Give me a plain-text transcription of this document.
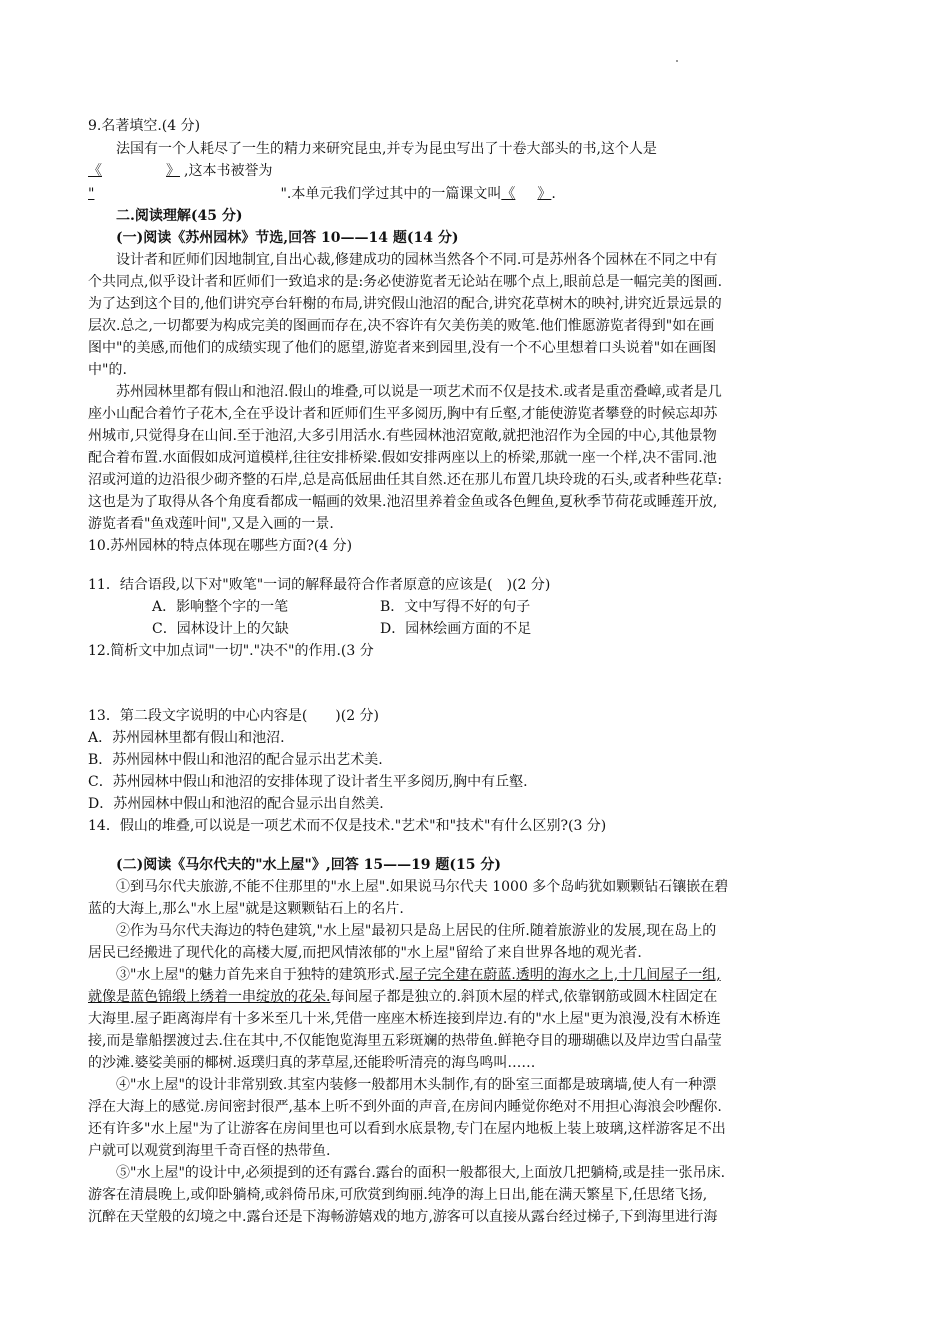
9.名著填空.(4 分)
法国有一个人耗尽了一生的精力来研究昆虫,并专为昆虫写出了十卷大部头的书,这个人是
《	》 ,这本书被誉为
"	".本单元我们学过其中的一篇课文叫《 》.
二.阅读理解(45 分)
(一)阅读《苏州园林》节选,回答 10——14 题(14 分)
设计者和匠师们因地制宜,自出心裁,修建成功的园林当然各个不同.可是苏州各个园林在不同之中有
个共同点,似乎设计者和匠师们一致追求的是:务必使游览者无论站在哪个点上,眼前总是一幅完美的图画.
为了达到这个目的,他们讲究亭台轩榭的布局,讲究假山池沼的配合,讲究花草树木的映衬,讲究近景远景的
层次.总之,一切都要为构成完美的图画而存在,决不容许有欠美伤美的败笔.他们惟愿游览者得到"如在画
图中"的美感,而他们的成绩实现了他们的愿望,游览者来到园里,没有一个不心里想着口头说着"如在画图
中"的.
苏州园林里都有假山和池沼.假山的堆叠,可以说是一项艺术而不仅是技术.或者是重峦叠嶂,或者是几
座小山配合着竹子花木,全在乎设计者和匠师们生平多阅历,胸中有丘壑,才能使游览者攀登的时候忘却苏
州城市,只觉得身在山间.至于池沼,大多引用活水.有些园林池沼宽敞,就把池沼作为全园的中心,其他景物
配合着布置.水面假如成河道模样,往往安排桥梁.假如安排两座以上的桥梁,那就一座一个样,决不雷同.池
沼或河道的边沿很少砌齐整的石岸,总是高低屈曲任其自然.还在那儿布置几块玲珑的石头,或者种些花草:
这也是为了取得从各个角度看都成一幅画的效果.池沼里养着金鱼或各色鲤鱼,夏秋季节荷花或睡莲开放,
游览者看"鱼戏莲叶间",又是入画的一景.
10.苏州园林的特点体现在哪些方面?(4 分)
11．结合语段,以下对"败笔"一词的解释最符合作者原意的应该是(　)(2 分)
A．影响整个字的一笔	B．文中写得不好的句子
C．园林设计上的欠缺	D．园林绘画方面的不足
12.简析文中加点词"一切"."决不"的作用.(3 分
13．第二段文字说明的中心内容是(　　)(2 分)
A．苏州园林里都有假山和池沼.
B．苏州园林中假山和池沼的配合显示出艺术美.
C．苏州园林中假山和池沼的安排体现了设计者生平多阅历,胸中有丘壑.
D．苏州园林中假山和池沼的配合显示出自然美.
14．假山的堆叠,可以说是一项艺术而不仅是技术."艺术"和"技术"有什么区别?(3 分)
(二)阅读《马尔代夫的"水上屋"》,回答 15——19 题(15 分)
①到马尔代夫旅游,不能不住那里的"水上屋".如果说马尔代夫 1000 多个岛屿犹如颗颗钻石镶嵌在碧
蓝的大海上,那么"水上屋"就是这颗颗钻石上的名片.
②作为马尔代夫海边的特色建筑,"水上屋"最初只是岛上居民的住所.随着旅游业的发展,现在岛上的
居民已经搬进了现代化的高楼大厦,而把风情浓郁的"水上屋"留给了来自世界各地的观光者.
③"水上屋"的魅力首先来自于独特的建筑形式.屋子完全建在蔚蓝.透明的海水之上,十几间屋子一组,
就像是蓝色锦缎上绣着一串绽放的花朵.每间屋子都是独立的.斜顶木屋的样式,依靠钢筋或圆木柱固定在
大海里.屋子距离海岸有十多米至几十米,凭借一座座木桥连接到岸边.有的"水上屋"更为浪漫,没有木桥连
接,而是靠船摆渡过去.住在其中,不仅能饱览海里五彩斑斓的热带鱼.鲜艳夺目的珊瑚礁以及岸边雪白晶莹
的沙滩.婆娑美丽的椰树.返璞归真的茅草屋,还能聆听清亮的海鸟鸣叫……
④"水上屋"的设计非常别致.其室内装修一般都用木头制作,有的卧室三面都是玻璃墙,使人有一种漂
浮在大海上的感觉.房间密封很严,基本上听不到外面的声音,在房间内睡觉你绝对不用担心海浪会吵醒你.
还有许多"水上屋"为了让游客在房间里也可以看到水底景物,专门在屋内地板上装上玻璃,这样游客足不出
户就可以观赏到海里千奇百怪的热带鱼.
⑤"水上屋"的设计中,必须提到的还有露台.露台的面积一般都很大,上面放几把躺椅,或是挂一张吊床.
游客在清晨晚上,或仰卧躺椅,或斜倚吊床,可欣赏到绚丽.纯净的海上日出,能在满天繁星下,任思绪飞扬,
沉醉在天堂般的幻境之中.露台还是下海畅游嬉戏的地方,游客可以直接从露台经过梯子,下到海里进行海
